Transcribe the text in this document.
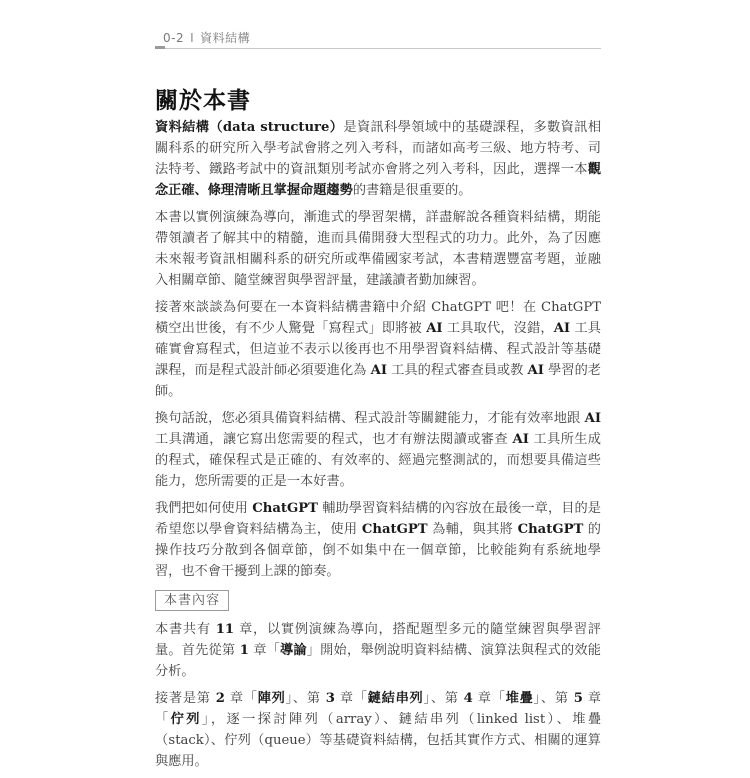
0-2 I 資料結構
關於本書

資料結構（data structure）是資訊科學領域中的基礎課程，多數資訊相關科系的研究所入學考試會將之列入考科，而諸如高考三級、地方特考、司法特考、鐵路考試中的資訊類別考試亦會將之列入考科，因此，選擇一本觀念正確、條理清晰且掌握命題趨勢的書籍是很重要的。

本書以實例演練為導向，漸進式的學習架構，詳盡解說各種資料結構，期能帶領讀者了解其中的精髓，進而具備開發大型程式的功力。此外，為了因應未來報考資訊相關科系的研究所或準備國家考試，本書精選豐富考題，並融入相關章節、隨堂練習與學習評量，建議讀者勤加練習。

接著來談談為何要在一本資料結構書籍中介紹 ChatGPT 吧！在 ChatGPT 橫空出世後，有不少人驚覺「寫程式」即將被 AI 工具取代，沒錯，AI 工具確實會寫程式，但這並不表示以後再也不用學習資料結構、程式設計等基礎課程，而是程式設計師必須要進化為 AI 工具的程式審查員或教 AI 學習的老師。

換句話說，您必須具備資料結構、程式設計等關鍵能力，才能有效率地跟 AI 工具溝通，讓它寫出您需要的程式，也才有辦法閱讀或審查 AI 工具所生成的程式，確保程式是正確的、有效率的、經過完整測試的，而想要具備這些能力，您所需要的正是一本好書。

我們把如何使用 ChatGPT 輔助學習資料結構的內容放在最後一章，目的是希望您以學會資料結構為主，使用 ChatGPT 為輔，與其將 ChatGPT 的操作技巧分散到各個章節，倒不如集中在一個章節，比較能夠有系統地學習，也不會干擾到上課的節奏。

本書內容

本書共有 11 章，以實例演練為導向，搭配題型多元的隨堂練習與學習評量。首先從第 1 章「導論」開始，舉例說明資料結構、演算法與程式的效能分析。

接著是第 2 章「陣列」、第 3 章「鏈結串列」、第 4 章「堆疊」、第 5 章「佇列」，逐一探討陣列（array）、鏈結串列（linked list）、堆疊（stack）、佇列（queue）等基礎資料結構，包括其實作方式、相關的運算與應用。
